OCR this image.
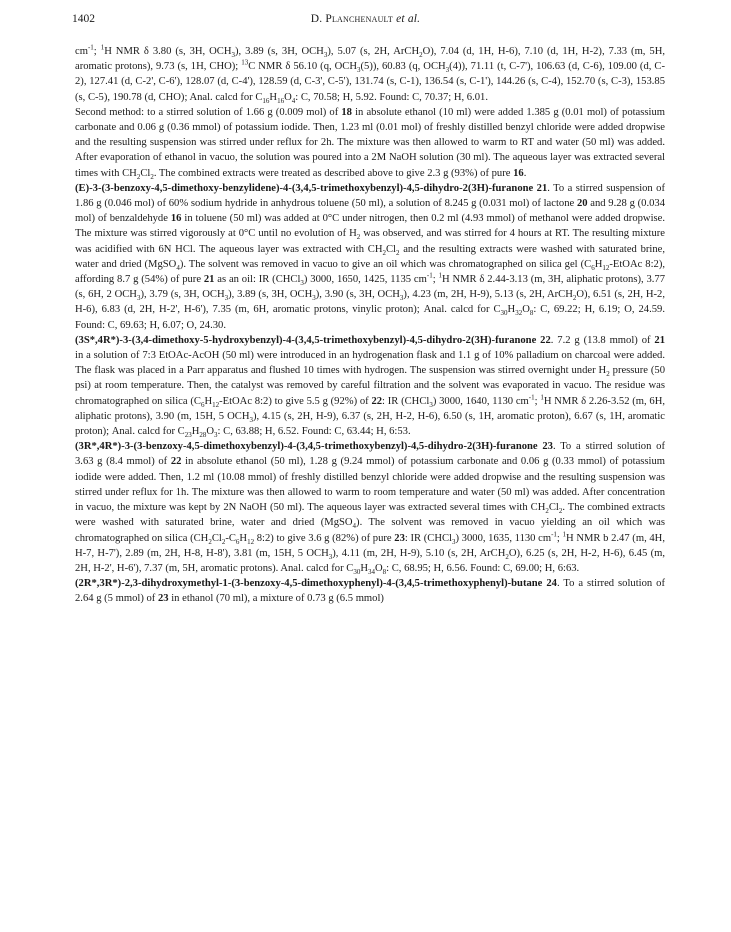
1402	D. Planchenault et al.

$cm^{-1}$; $^1$H NMR δ 3.80 (s, 3H, $OCH_3$), 3.89 (s, 3H, $OCH_3$), 5.07 (s, 2H, ArCH$_2$O), 7.04 (d, 1H, H-6), 7.10 (d, 1H, H-2), 7.33 (m, 5H, aromatic protons), 9.73 (s, 1H, CHO); $^{13}$C NMR δ 56.10 (q, $OCH_3(5)$), 60.83 (q, $OCH_3(4)$), 71.11 (t, C-7'), 106.63 (d, C-6), 109.00 (d, C-2), 127.41 (d, C-2', C-6'), 128.07 (d, C-4'), 128.59 (d, C-3', C-5'), 131.74 (s, C-1), 136.54 (s, C-1'), 144.26 (s, C-4), 152.70 (s, C-3), 153.85 (s, C-5), 190.78 (d, CHO); Anal. calcd for $C_{16}H_{16}O_4$: C, 70.58; H, 5.92. Found: C, 70.37; H, 6.01.

Second method: to a stirred solution of 1.66 g (0.009 mol) of 18 in absolute ethanol (10 ml) were added 1.385 g (0.01 mol) of potassium carbonate and 0.06 g (0.36 mmol) of potassium iodide. Then, 1.23 ml (0.01 mol) of freshly distilled benzyl chloride were added dropwise and the resulting suspension was stirred under reflux for 2h. The mixture was then allowed to warm to RT and water (50 ml) was added. After evaporation of ethanol in vacuo, the solution was poured into a 2M NaOH solution (30 ml). The aqueous layer was extracted several times with $CH_2Cl_2$. The combined extracts were treated as described above to give 2.3 g (93%) of pure 16.

(E)-3-(3-benzoxy-4,5-dimethoxy-benzylidene)-4-(3,4,5-trimethoxybenzyl)-4,5-dihydro-2(3H)-furanone 21. To a stirred suspension of 1.86 g (0.046 mol) of 60% sodium hydride in anhydrous toluene (50 ml), a solution of 8.245 g (0.031 mol) of lactone 20 and 9.28 g (0.034 mol) of benzaldehyde 16 in toluene (50 ml) was added at 0°C under nitrogen, then 0.2 ml (4.93 mmol) of methanol were added dropwise. The mixture was stirred vigorously at 0°C until no evolution of $H_2$ was observed, and was stirred for 4 hours at RT. The resulting mixture was acidified with 6N HCl. The aqueous layer was extracted with $CH_2Cl_2$ and the resulting extracts were washed with saturated brine, water and dried (MgSO$_4$). The solvent was removed in vacuo to give an oil which was chromatographed on silica gel ($C_6H_{12}$-EtOAc 8:2), affording 8.7 g (54%) of pure 21 as an oil: IR (CHCl$_3$) 3000, 1650, 1425, 1135 $cm^{-1}$; $^1$H NMR δ 2.44-3.13 (m, 3H, aliphatic protons), 3.77 (s, 6H, 2 $OCH_3$), 3.79 (s, 3H, $OCH_3$), 3.89 (s, 3H, $OCH_3$), 3.90 (s, 3H, $OCH_3$), 4.23 (m, 2H, H-9), 5.13 (s, 2H, ArCH$_2$O), 6.51 (s, 2H, H-2, H-6), 6.83 (d, 2H, H-2', H-6'), 7.35 (m, 6H, aromatic protons, vinylic proton); Anal. calcd for $C_{30}H_{32}O_8$: C, 69.22; H, 6.19; O, 24.59. Found: C, 69.63; H, 6.07; O, 24.30.

(3S*,4R*)-3-(3,4-dimethoxy-5-hydroxybenzyl)-4-(3,4,5-trimethoxybenzyl)-4,5-dihydro-2(3H)-furanone 22. 7.2 g (13.8 mmol) of 21 in a solution of 7:3 EtOAc-AcOH (50 ml) were introduced in an hydrogenation flask and 1.1 g of 10% palladium on charcoal were added. The flask was placed in a Parr apparatus and flushed 10 times with hydrogen. The suspension was stirred overnight under $H_2$ pressure (50 psi) at room temperature. Then, the catalyst was removed by careful filtration and the solvent was evaporated in vacuo. The residue was chromatographed on silica ($C_6H_{12}$-EtOAc 8:2) to give 5.5 g (92%) of 22: IR (CHCl$_3$) 3000, 1640, 1130 $cm^{-1}$; $^1$H NMR δ 2.26-3.52 (m, 6H, aliphatic protons), 3.90 (m, 15H, 5 $OCH_3$), 4.15 (s, 2H, H-9), 6.37 (s, 2H, H-2, H-6), 6.50 (s, 1H, aromatic proton), 6.67 (s, 1H, aromatic proton); Anal. calcd for $C_{23}H_{28}O_3$: C, 63.88; H, 6.52. Found: C, 63.44; H, 6:53.

(3R*,4R*)-3-(3-benzoxy-4,5-dimethoxybenzyl)-4-(3,4,5-trimethoxybenzyl)-4,5-dihydro-2(3H)-furanone 23. To a stirred solution of 3.63 g (8.4 mmol) of 22 in absolute ethanol (50 ml), 1.28 g (9.24 mmol) of potassium carbonate and 0.06 g (0.33 mmol) of potassium iodide were added. Then, 1.2 ml (10.08 mmol) of freshly distilled benzyl chloride were added dropwise and the resulting suspension was stirred under reflux for 1h. The mixture was then allowed to warm to room temperature and water (50 ml) was added. After concentration in vacuo, the mixture was kept by 2N NaOH (50 ml). The aqueous layer was extracted several times with $CH_2Cl_2$. The combined extracts were washed with saturated brine, water and dried (MgSO$_4$). The solvent was removed in vacuo yielding an oil which was chromatographed on silica ($CH_2Cl_2-C_6H_{12}$ 8:2) to give 3.6 g (82%) of pure 23: IR (CHCl$_3$) 3000, 1635, 1130 $cm^{-1}$; $^1$H NMR b 2.47 (m, 4H, H-7, H-7'), 2.89 (m, 2H, H-8, H-8'), 3.81 (m, 15H, 5 $OCH_3$), 4.11 (m, 2H, H-9), 5.10 (s, 2H, ArCH$_2$O), 6.25 (s, 2H, H-2, H-6), 6.45 (m, 2H, H-2', H-6'), 7.37 (m, 5H, aromatic protons). Anal. calcd for $C_{30}H_{34}O_8$: C, 68.95; H, 6.56. Found: C, 69.00; H, 6:63.

(2R*,3R*)-2,3-dihydroxymethyl-1-(3-benzoxy-4,5-dimethoxyphenyl)-4-(3,4,5-trimethoxyphenyl)-butane 24. To a stirred solution of 2.64 g (5 mmol) of 23 in ethanol (70 ml), a mixture of 0.73 g (6.5 mmol)
